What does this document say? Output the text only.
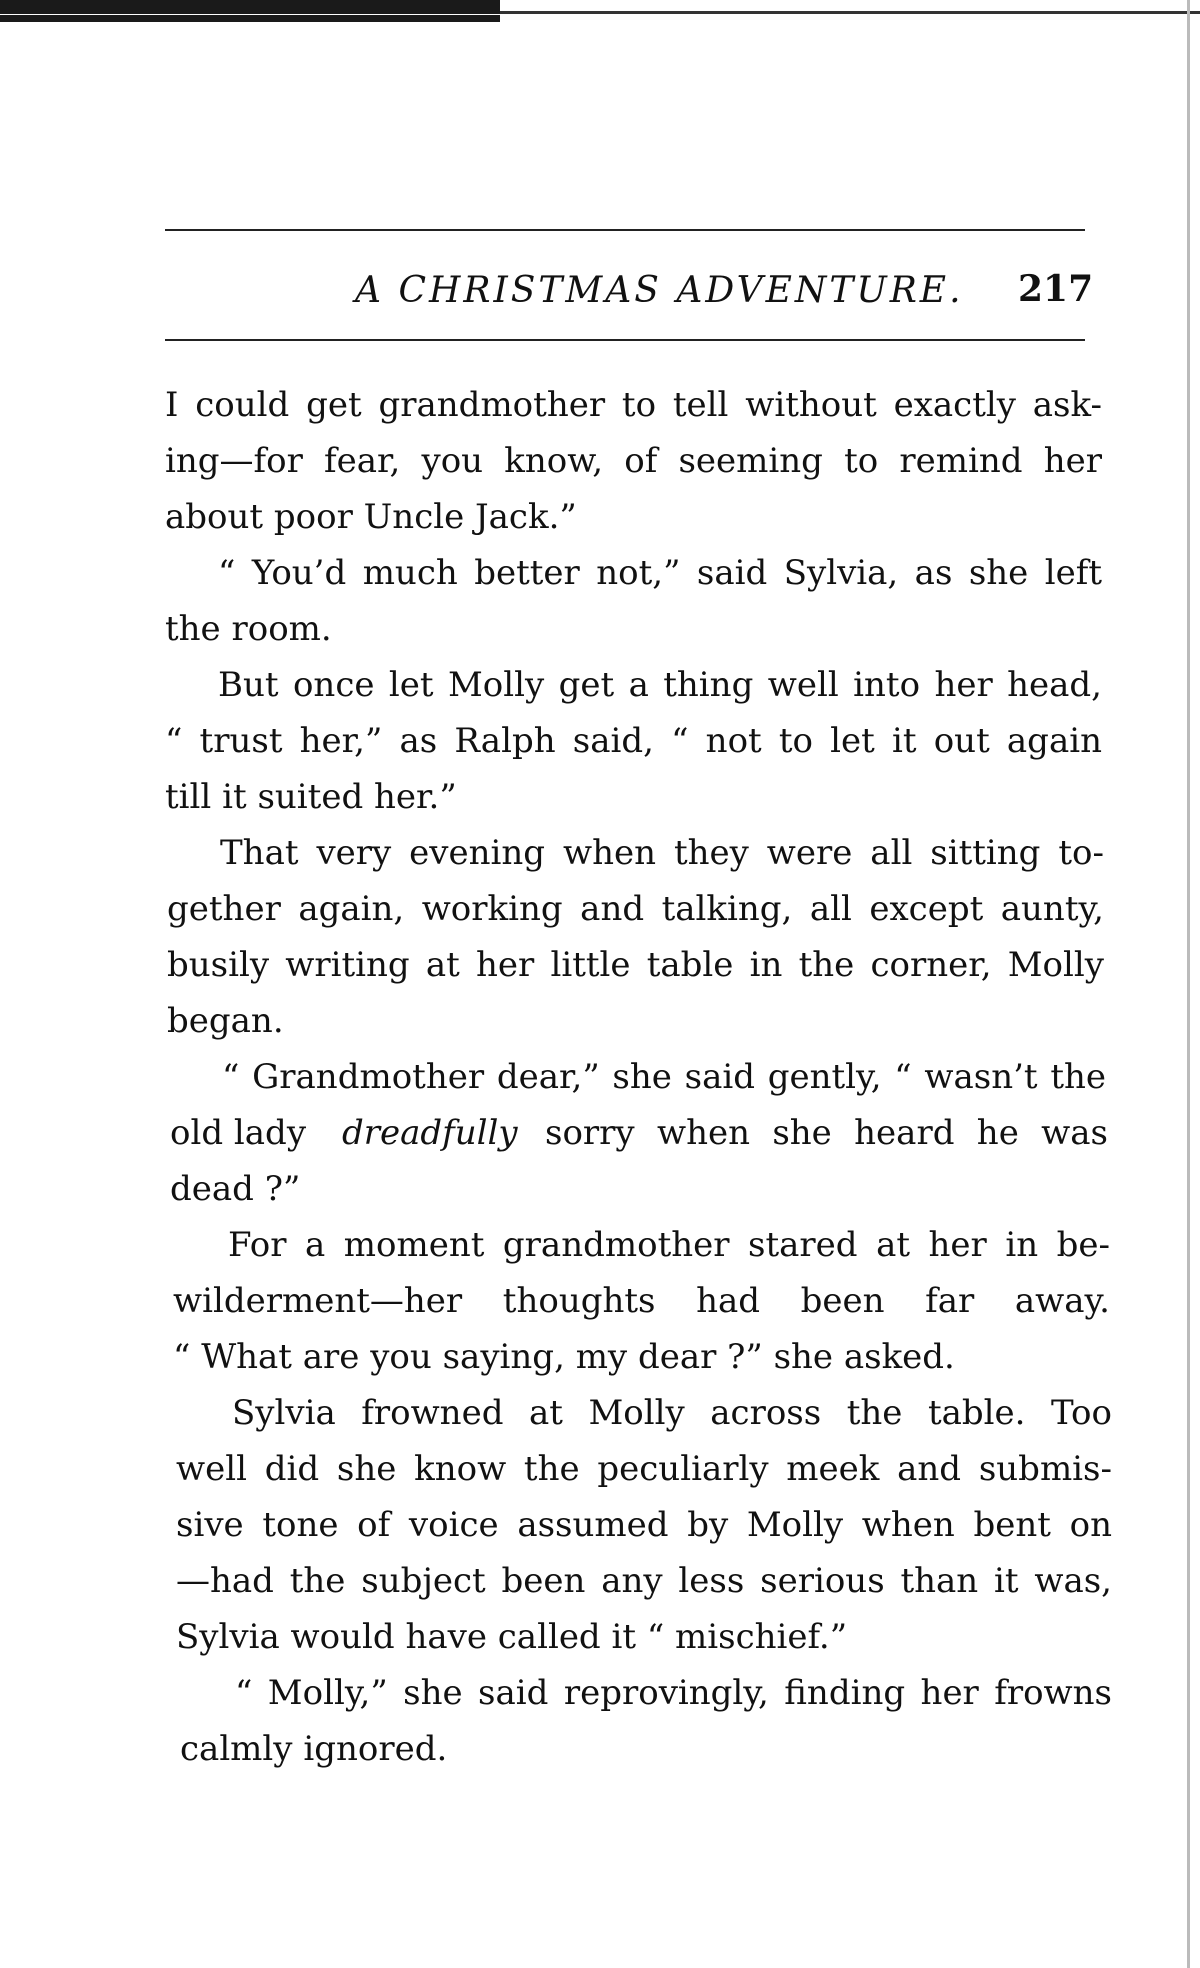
A CHRISTMAS ADVENTURE. 217
I could get grandmother to tell without exactly ask-
ing—for fear, you know, of seeming to remind her
about poor Uncle Jack.”
“ You’d much better not,” said Sylvia, as she left
the room.
But once let Molly get a thing well into her head,
“ trust her,” as Ralph said, “ not to let it out again
till it suited her.”
That very evening when they were all sitting to-
gether again, working and talking, all except aunty,
busily writing at her little table in the corner, Molly
began.
“ Grandmother dear,” she said gently, “ wasn’t the
old lady dreadfully sorry when she heard he was
dead ?”
For a moment grandmother stared at her in be-
wilderment—her thoughts had been far away.
“ What are you saying, my dear ?” she asked.
Sylvia frowned at Molly across the table. Too
well did she know the peculiarly meek and submis-
sive tone of voice assumed by Molly when bent on
—had the subject been any less serious than it was,
Sylvia would have called it “ mischief.”
“ Molly,” she said reprovingly, finding her frowns
calmly ignored.
